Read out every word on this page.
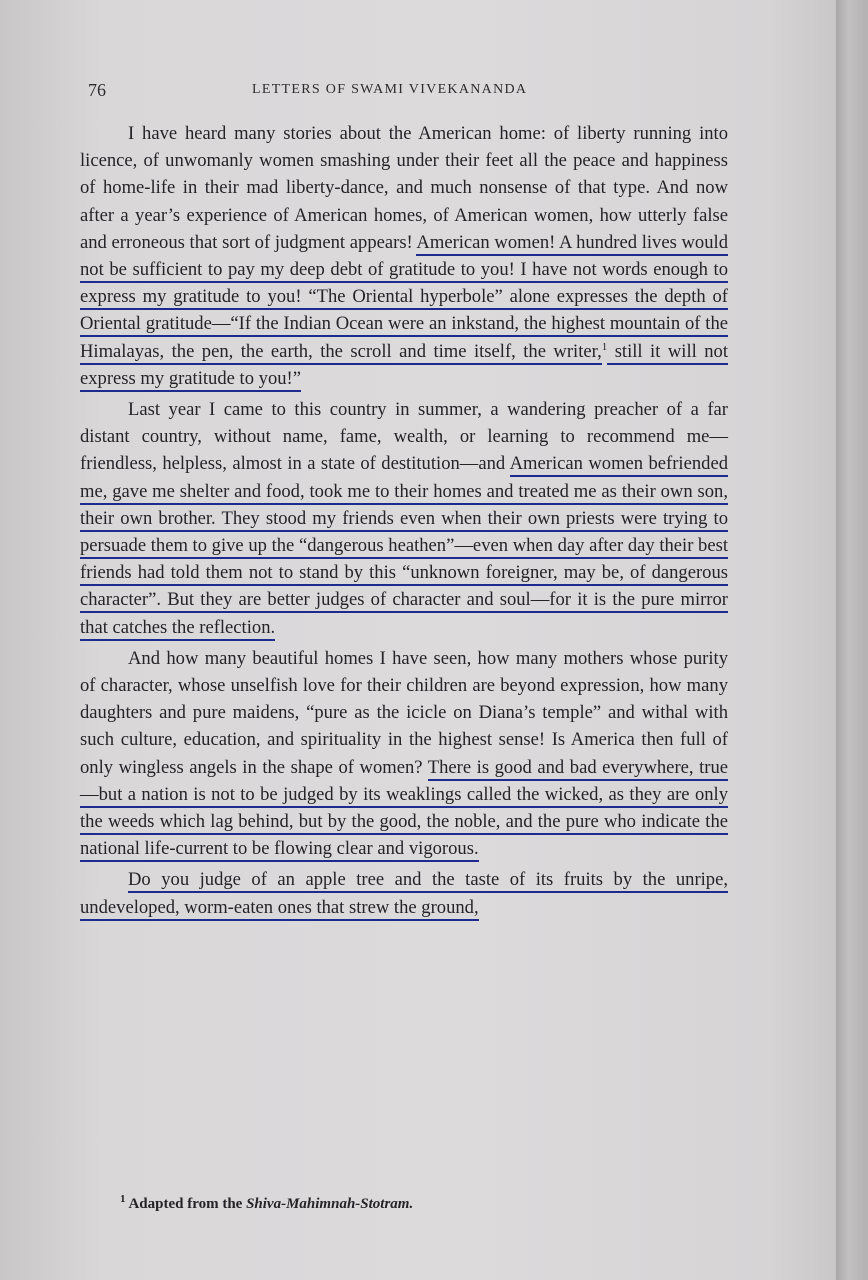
76	LETTERS OF SWAMI VIVEKANANDA

I have heard many stories about the American home: of liberty running into licence, of unwomanly women smashing under their feet all the peace and happiness of home-life in their mad liberty-dance, and much nonsense of that type. And now after a year’s experience of American homes, of American women, how utterly false and erroneous that sort of judgment appears! American women! A hundred lives would not be sufficient to pay my deep debt of gratitude to you! I have not words enough to express my gratitude to you! “The Oriental hyperbole” alone expresses the depth of Oriental gratitude—“If the Indian Ocean were an inkstand, the highest mountain of the Himalayas, the pen, the earth, the scroll and time itself, the writer,$^1$ still it will not express my gratitude to you!”

Last year I came to this country in summer, a wandering preacher of a far distant country, without name, fame, wealth, or learning to recommend me—friendless, helpless, almost in a state of destitution—and American women befriended me, gave me shelter and food, took me to their homes and treated me as their own son, their own brother. They stood my friends even when their own priests were trying to persuade them to give up the “dangerous heathen”—even when day after day their best friends had told them not to stand by this “unknown foreigner, may be, of dangerous character”. But they are better judges of character and soul—for it is the pure mirror that catches the reflection.

And how many beautiful homes I have seen, how many mothers whose purity of character, whose unselfish love for their children are beyond expression, how many daughters and pure maidens, “pure as the icicle on Diana’s temple” and withal with such culture, education, and spirituality in the highest sense! Is America then full of only wingless angels in the shape of women? There is good and bad everywhere, true—but a nation is not to be judged by its weaklings called the wicked, as they are only the weeds which lag behind, but by the good, the noble, and the pure who indicate the national life-current to be flowing clear and vigorous.

Do you judge of an apple tree and the taste of its fruits by the unripe, undeveloped, worm-eaten ones that strew the ground,

$^1$ Adapted from the Shiva-Mahimnah-Stotram.
